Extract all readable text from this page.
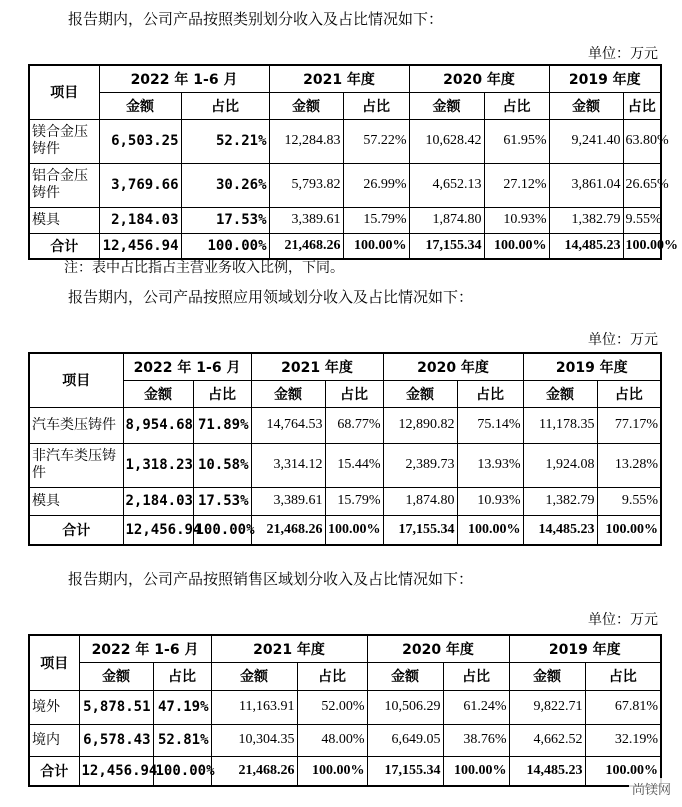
报告期内，公司产品按照类别划分收入及占比情况如下：
单位：万元
项目	2022 年 1-6 月		2021 年度		2020 年度		2019 年度	
	金额	占比	金额	占比	金额	占比	金额	占比
镁合金压铸件	6,503.25	52.21%	12,284.83	57.22%	10,628.42	61.95%	9,241.40	63.80%
铝合金压铸件	3,769.66	30.26%	5,793.82	26.99%	4,652.13	27.12%	3,861.04	26.65%
模具	2,184.03	17.53%	3,389.61	15.79%	1,874.80	10.93%	1,382.79	9.55%
合计	12,456.94	100.00%	21,468.26	100.00%	17,155.34	100.00%	14,485.23	100.00%
注：表中占比指占主营业务收入比例，下同。
报告期内，公司产品按照应用领域划分收入及占比情况如下：
单位：万元
项目	2022 年 1-6 月		2021 年度		2020 年度		2019 年度	
	金额	占比	金额	占比	金额	占比	金额	占比
汽车类压铸件	8,954.68	71.89%	14,764.53	68.77%	12,890.82	75.14%	11,178.35	77.17%
非汽车类压铸件	1,318.23	10.58%	3,314.12	15.44%	2,389.73	13.93%	1,924.08	13.28%
模具	2,184.03	17.53%	3,389.61	15.79%	1,874.80	10.93%	1,382.79	9.55%
合计	12,456.94	100.00%	21,468.26	100.00%	17,155.34	100.00%	14,485.23	100.00%
报告期内，公司产品按照销售区域划分收入及占比情况如下：
单位：万元
项目	2022 年 1-6 月		2021 年度		2020 年度		2019 年度	
	金额	占比	金额	占比	金额	占比	金额	占比
境外	5,878.51	47.19%	11,163.91	52.00%	10,506.29	61.24%	9,822.71	67.81%
境内	6,578.43	52.81%	10,304.35	48.00%	6,649.05	38.76%	4,662.52	32.19%
合计	12,456.94	100.00%	21,468.26	100.00%	17,155.34	100.00%	14,485.23	100.00%
尚镁网
